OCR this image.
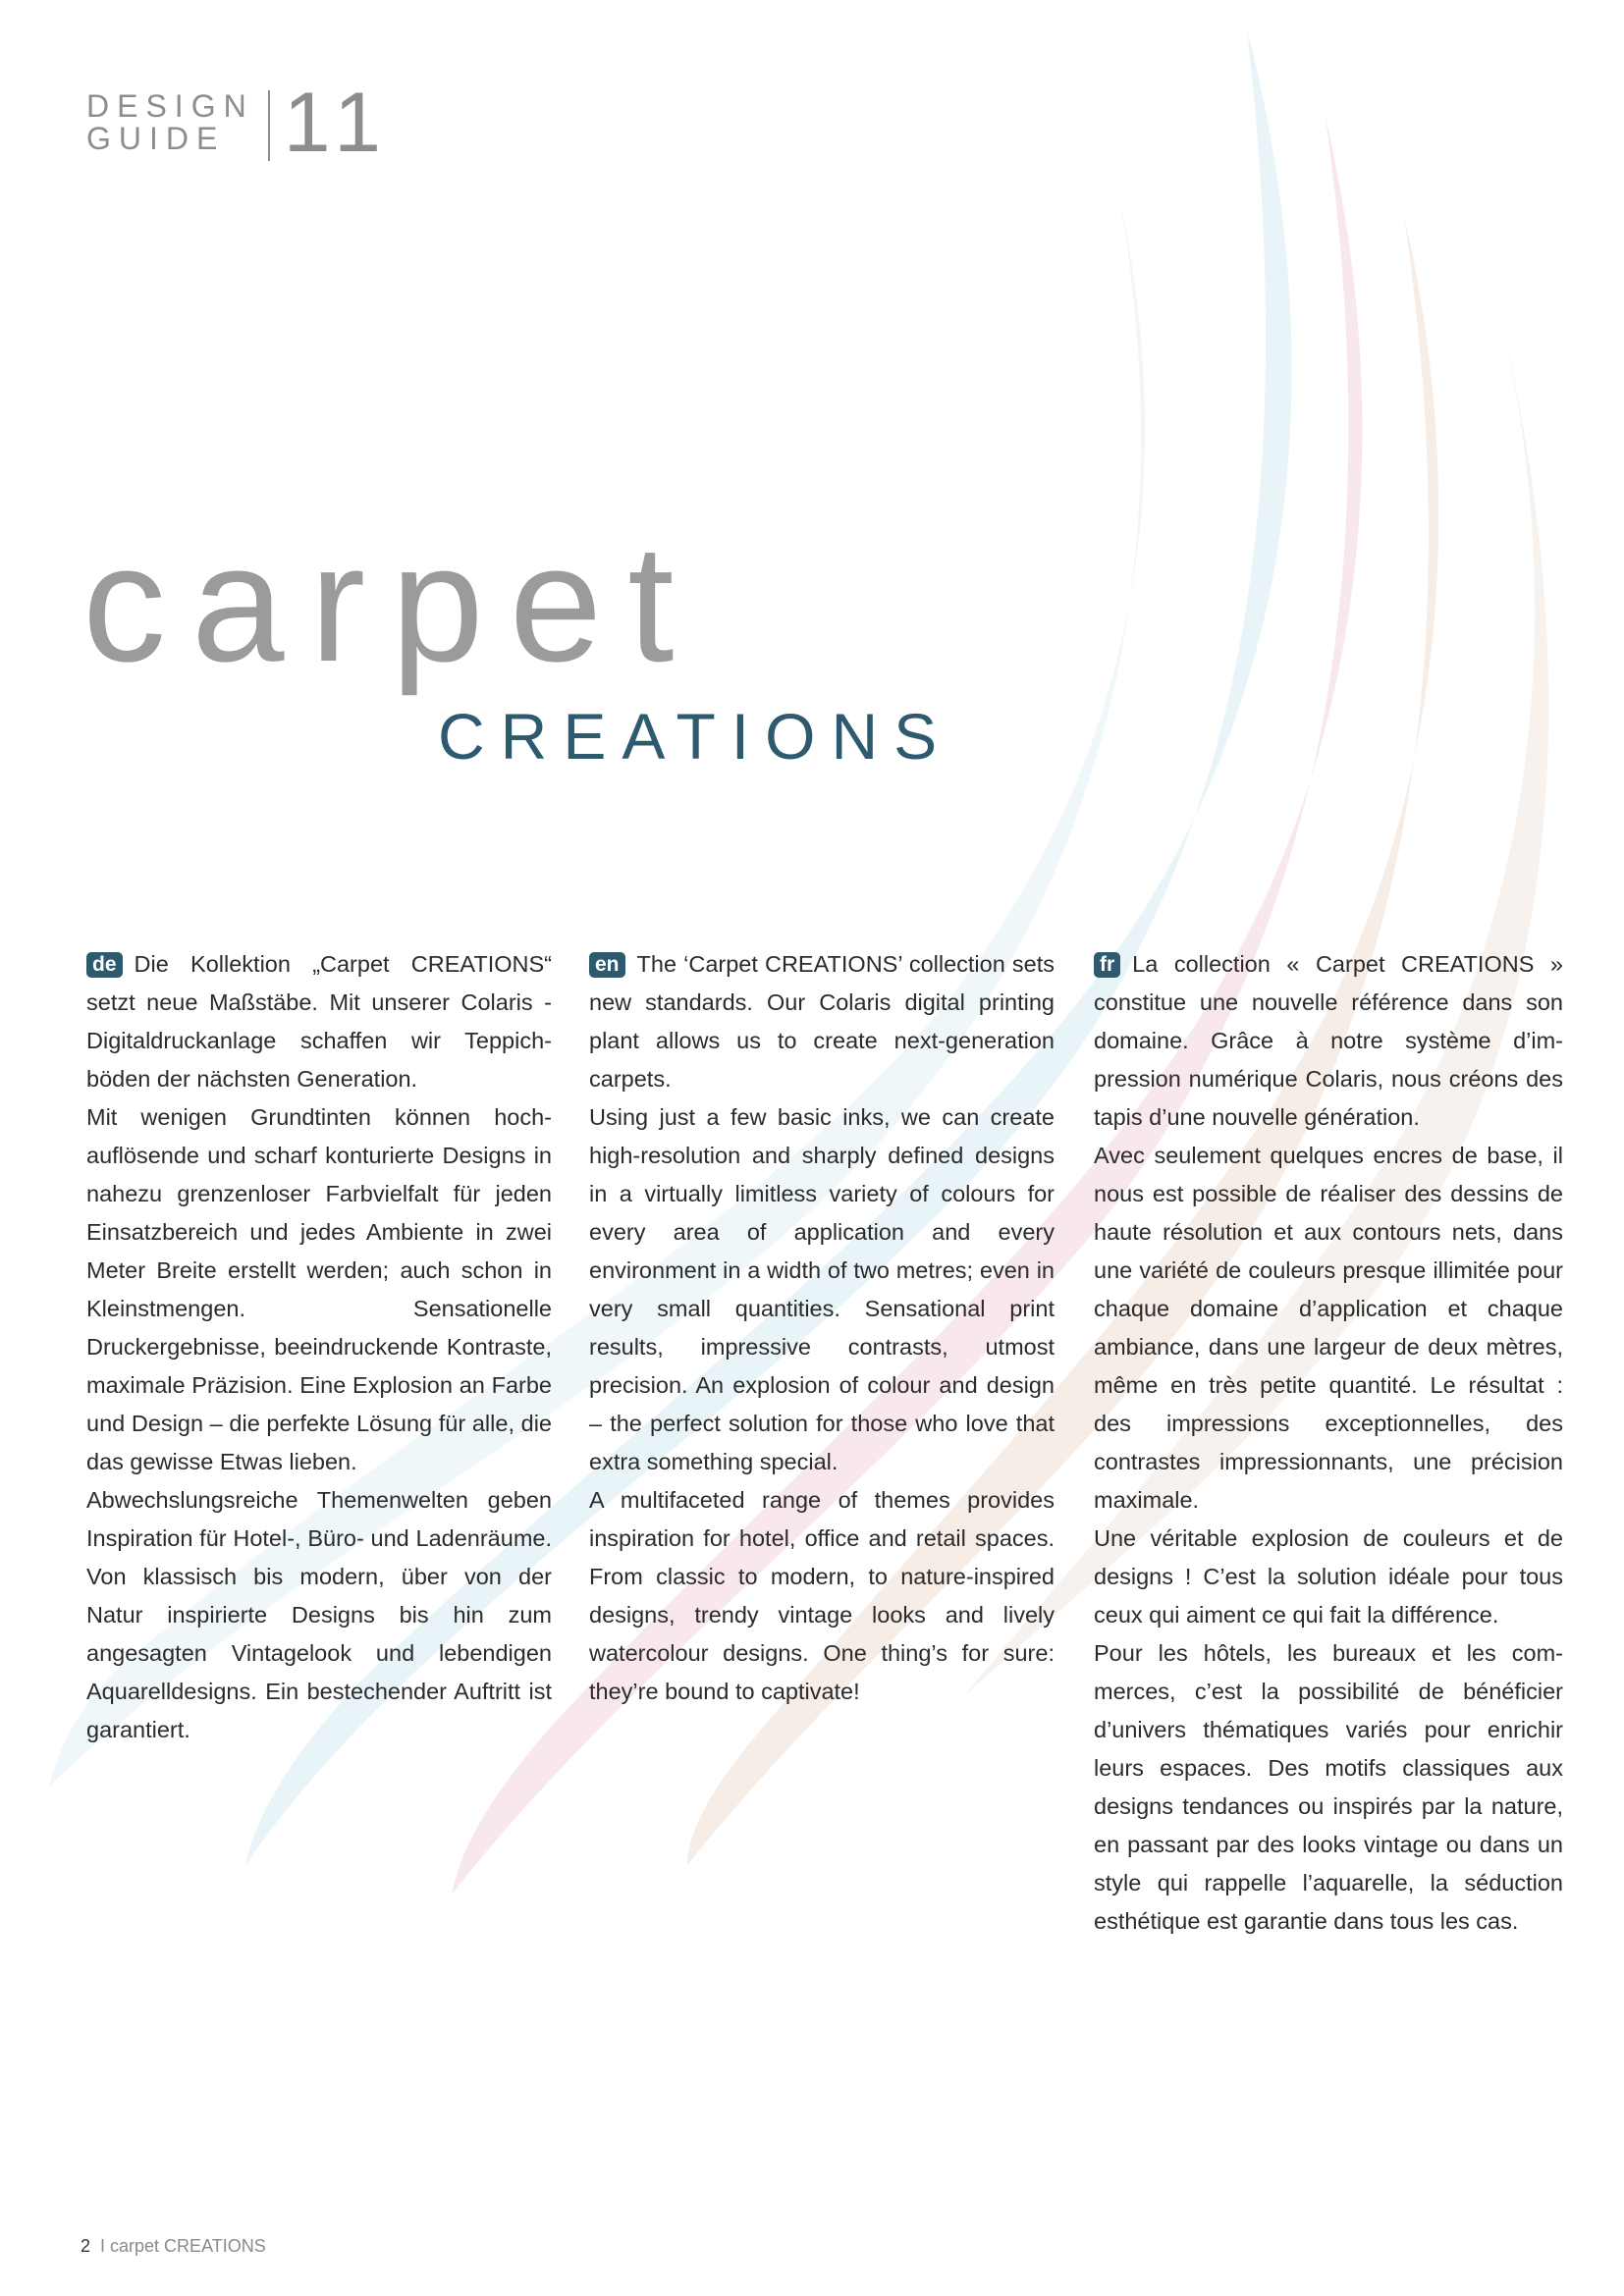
DESIGN
GUIDE 11
carpet
CREATIONS

de Die Kollektion „Carpet CREATIONS“ setzt neue Maßstäbe. Mit unserer Colaris - Digitaldruckanlage schaffen wir Teppichböden der nächsten Generation.

Mit wenigen Grundtinten können hochauflösende und scharf konturierte Designs in nahezu grenzenloser Farbvielfalt für jeden Einsatzbereich und jedes Ambiente in zwei Meter Breite erstellt werden; auch schon in Kleinstmengen. Sensationelle Druckergebnisse, beeindruckende Kontraste, maximale Präzision. Eine Explosion an Farbe und Design – die perfekte Lösung für alle, die das gewisse Etwas lieben.

Abwechslungsreiche Themenwelten geben Inspiration für Hotel-, Büro- und Ladenräume. Von klassisch bis modern, über von der Natur inspirierte Designs bis hin zum angesagten Vintagelook und lebendigen Aquarelldesigns. Ein bestechender Auftritt ist garantiert.

en The ‘Carpet CREATIONS’ collection sets new standards. Our Colaris digital printing plant allows us to create next-generation carpets.

Using just a few basic inks, we can create high-resolution and sharply defined designs in a virtually limitless variety of colours for every area of application and every environment in a width of two metres; even in very small quantities. Sensational print results, impressive contrasts, utmost precision. An explosion of colour and design – the perfect solution for those who love that extra something special.

A multifaceted range of themes provides inspiration for hotel, office and retail spaces. From classic to modern, to nature-inspired designs, trendy vintage looks and lively watercolour designs. One thing’s for sure: they’re bound to captivate!

fr La collection « Carpet CREATIONS » constitue une nouvelle référence dans son domaine. Grâce à notre système d’impression numérique Colaris, nous créons des tapis d’une nouvelle génération.

Avec seulement quelques encres de base, il nous est possible de réaliser des dessins de haute résolution et aux contours nets, dans une variété de couleurs presque illimitée pour chaque domaine d’application et chaque ambiance, dans une largeur de deux mètres, même en très petite quantité. Le résultat : des impressions exceptionnelles, des contrastes impressionnants, une précision maximale.

Une véritable explosion de couleurs et de designs ! C’est la solution idéale pour tous ceux qui aiment ce qui fait la différence.

Pour les hôtels, les bureaux et les commerces, c’est la possibilité de bénéficier d’univers thématiques variés pour enrichir leurs espaces. Des motifs classiques aux designs tendances ou inspirés par la nature, en passant par des looks vintage ou dans un style qui rappelle l’aquarelle, la séduction esthétique est garantie dans tous les cas.

2 I carpet CREATIONS
